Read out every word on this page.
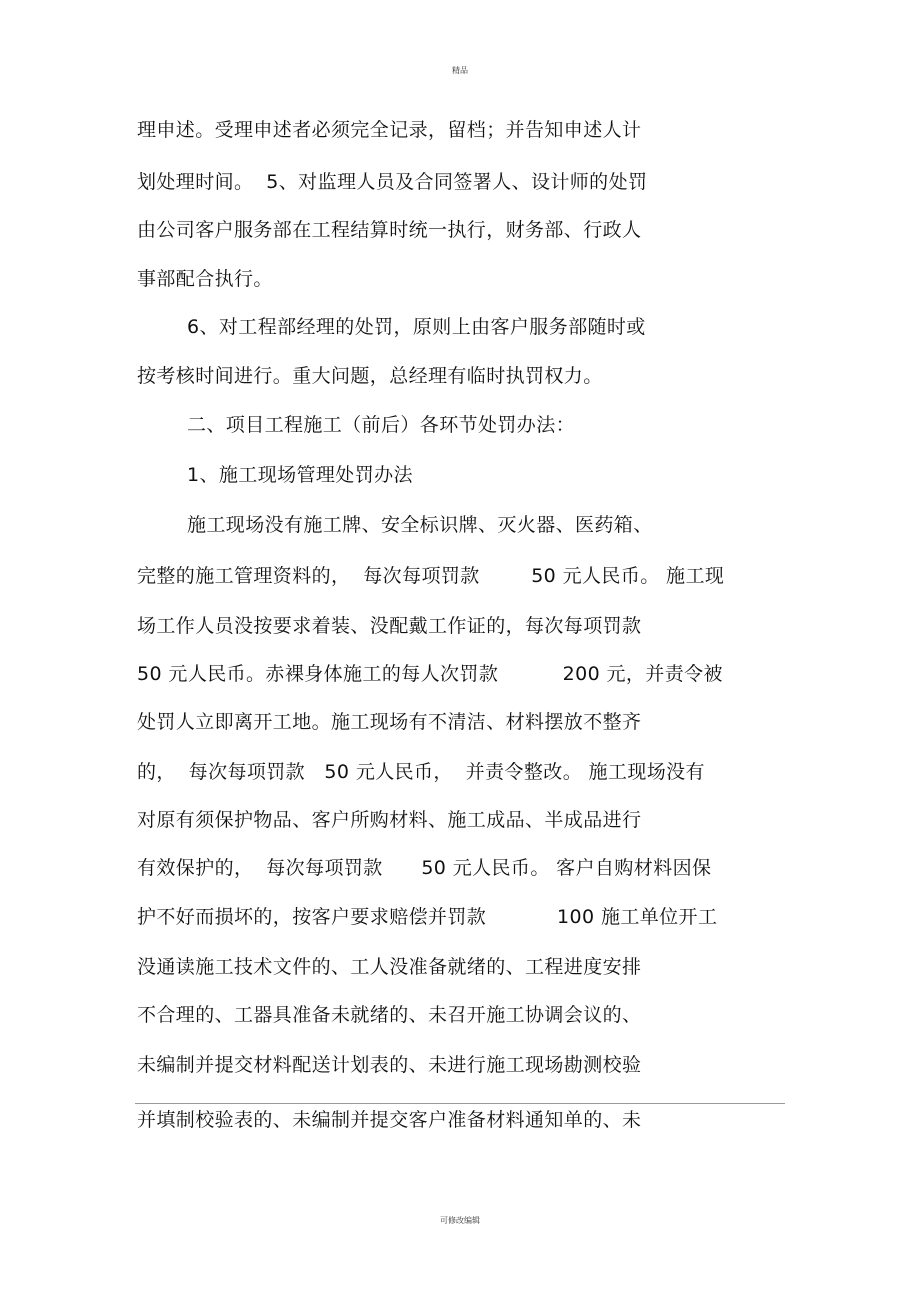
精品
理申述。受理申述者必须完全记录，留档；并告知申述人计
划处理时间。  5、对监理人员及合同签署人、设计师的处罚
由公司客户服务部在工程结算时统一执行，财务部、行政人
事部配合执行。
6、对工程部经理的处罚，原则上由客户服务部随时或
按考核时间进行。重大问题，总经理有临时执罚权力。
二、项目工程施工（前后）各环节处罚办法：
1、施工现场管理处罚办法
施工现场没有施工牌、安全标识牌、灭火器、医药箱、
完整的施工管理资料的，  每次每项罚款        50 元人民币。 施工现
场工作人员没按要求着装、没配戴工作证的，每次每项罚款
50 元人民币。赤裸身体施工的每人次罚款          200 元，并责令被
处罚人立即离开工地。施工现场有不清洁、材料摆放不整齐
的，  每次每项罚款   50 元人民币，  并责令整改。 施工现场没有
对原有须保护物品、客户所购材料、施工成品、半成品进行
有效保护的，  每次每项罚款      50 元人民币。 客户自购材料因保
护不好而损坏的，按客户要求赔偿并罚款           100 施工单位开工
没通读施工技术文件的、工人没准备就绪的、工程进度安排
不合理的、工器具准备未就绪的、未召开施工协调会议的、
未编制并提交材料配送计划表的、未进行施工现场勘测校验
并填制校验表的、未编制并提交客户准备材料通知单的、未
可修改编辑
